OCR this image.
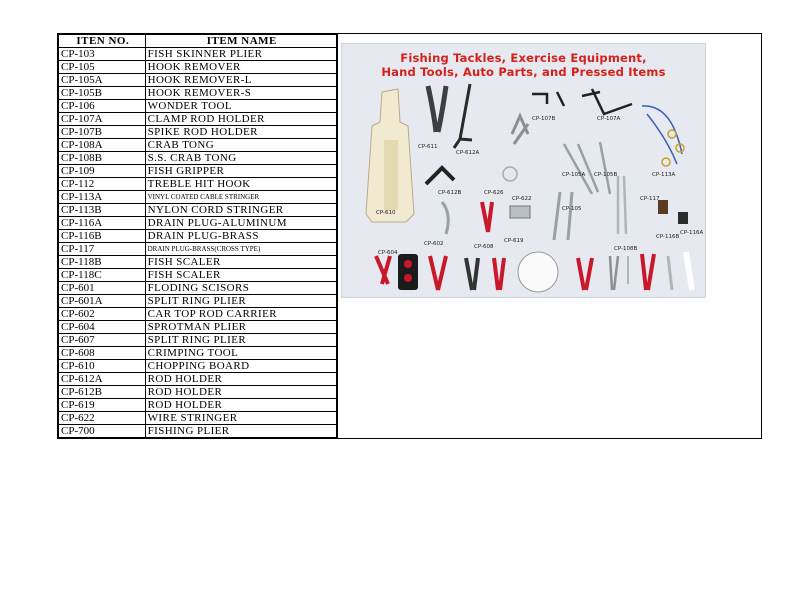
ITEN NO.	ITEM NAME
CP-103	FISH SKINNER PLIER
CP-105	HOOK REMOVER
CP-105A	HOOK REMOVER-L
CP-105B	HOOK REMOVER-S
CP-106	WONDER TOOL
CP-107A	CLAMP ROD HOLDER
CP-107B	SPIKE ROD HOLDER
CP-108A	CRAB TONG
CP-108B	S.S. CRAB TONG
CP-109	FISH GRIPPER
CP-112	TREBLE HIT HOOK
CP-113A	VINYL COATED CABLE STRINGER
CP-113B	NYLON CORD STRINGER
CP-116A	DRAIN PLUG-ALUMINUM
CP-116B	DRAIN PLUG-BRASS
CP-117	DRAIN PLUG-BRASS(CROSS TYPE)
CP-118B	FISH SCALER
CP-118C	FISH SCALER
CP-601	FLODING SCISORS
CP-601A	SPLIT RING PLIER
CP-602	CAR TOP ROD CARRIER
CP-604	SPROTMAN PLIER
CP-607	SPLIT RING PLIER
CP-608	CRIMPING TOOL
CP-610	CHOPPING BOARD
CP-612A	ROD HOLDER
CP-612B	ROD HOLDER
CP-619	ROD HOLDER
CP-622	WIRE STRINGER
CP-700	FISHING PLIER
Fishing Tackles, Exercise Equipment,
Hand Tools, Auto Parts, and Pressed Items
CP-107B	CP-107A
CP-611
CP-612A
CP-105A CP-105B	CP-113A
CP-612B	CP-626
CP-622	CP-117
CP-610
CP-105
CP-116B
CP-116A
CP-602	CP-608
CP-619
CP-108B
CP-604
